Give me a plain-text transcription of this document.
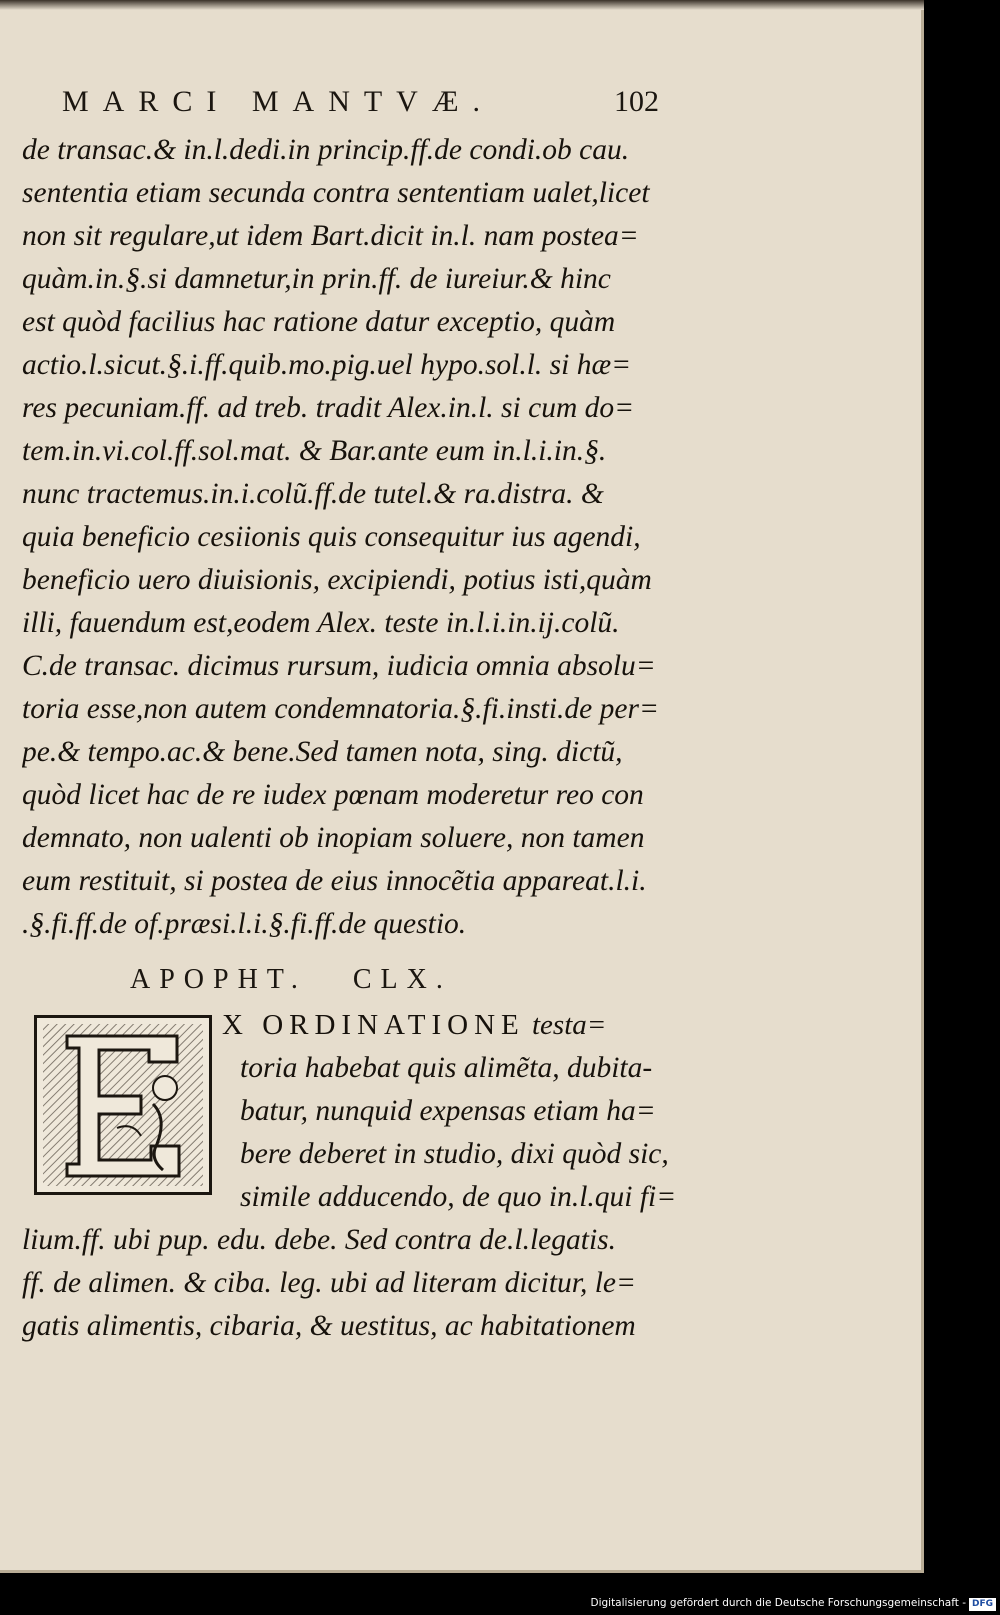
MARCI MANTVÆ.	102
de transac.& in.l.dedi.in princip.ff.de condi.ob cau.
sententia etiam secunda contra sententiam ualet,licet
non sit regulare,ut idem Bart.dicit in.l. nam postea=
quàm.in.§.si damnetur,in prin.ff. de iureiur.& hinc
est quòd facilius hac ratione datur exceptio, quàm
actio.l.sicut.§.i.ff.quib.mo.pig.uel hypo.sol.l. si hæ=
res pecuniam.ff. ad treb. tradit Alex.in.l. si cum do=
tem.in.vi.col.ff.sol.mat. & Bar.ante eum in.l.i.in.§.
nunc tractemus.in.i.colũ.ff.de tutel.& ra.distra. &
quia beneficio cesiionis quis consequitur ius agendi,
beneficio uero diuisionis, excipiendi, potius isti,quàm
illi, fauendum est,eodem Alex. teste in.l.i.in.ij.colũ.
C.de transac. dicimus rursum, iudicia omnia absolu=
toria esse,non autem condemnatoria.§.fi.insti.de per=
pe.& tempo.ac.& bene.Sed tamen nota, sing. dictũ,
quòd licet hac de re iudex pœnam moderetur reo con
demnato, non ualenti ob inopiam soluere, non tamen
eum restituit, si postea de eius innocẽtia appareat.l.i.
.§.fi.ff.de of.præsi.l.i.§.fi.ff.de questio.
APOPHT. CLX.
X ORDINATIONE testa=
toria habebat quis alimẽta, dubita-
batur, nunquid expensas etiam ha=
bere deberet in studio, dixi quòd sic,
simile adducendo, de quo in.l.qui fi=
lium.ff. ubi pup. edu. debe. Sed contra de.l.legatis.
ff. de alimen. & ciba. leg. ubi ad literam dicitur, le=
gatis alimentis, cibaria, & uestitus, ac habitationem
Digitalisierung gefördert durch die Deutsche Forschungsgemeinschaft - DFG
